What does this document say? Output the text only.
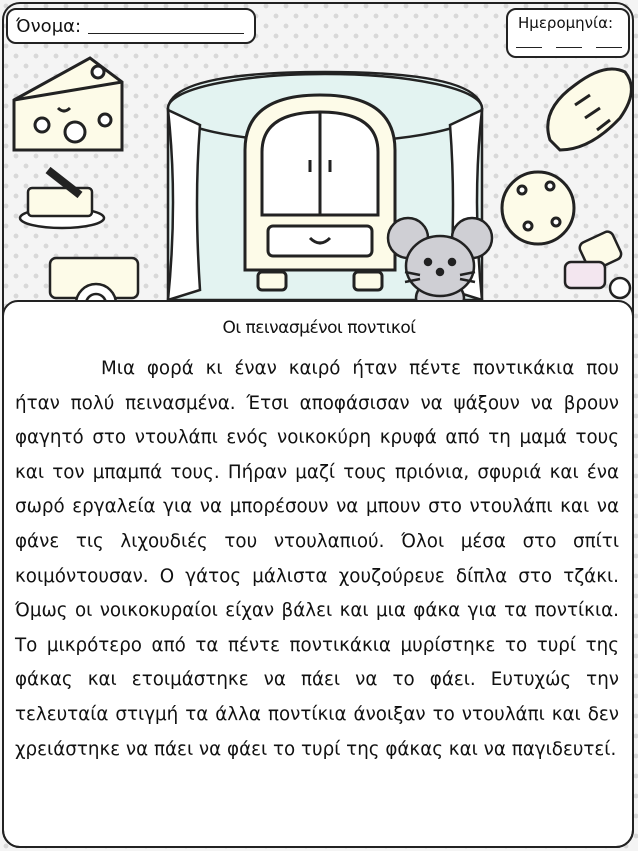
Όνομα:	Ημερομηνία:
Οι πεινασμένοι ποντικοί

Μια φορά κι έναν καιρό ήταν πέντε ποντικάκια που ήταν πολύ πεινασμένα. Έτσι αποφάσισαν να ψάξουν να βρουν φαγητό στο ντουλάπι ενός νοικοκύρη κρυφά από τη μαμά τους και τον μπαμπά τους. Πήραν μαζί τους πριόνια, σφυριά και ένα σωρό εργαλεία για να μπορέσουν να μπουν στο ντουλάπι και να φάνε τις λιχουδιές του ντουλαπιού. Όλοι μέσα στο σπίτι κοιμόντουσαν. Ο γάτος μάλιστα χουζούρευε δίπλα στο τζάκι. Όμως οι νοικοκυραίοι είχαν βάλει και μια φάκα για τα ποντίκια. Το μικρότερο από τα πέντε ποντικάκια μυρίστηκε το τυρί της φάκας και ετοιμάστηκε να πάει να το φάει. Ευτυχώς την τελευταία στιγμή τα άλλα ποντίκια άνοιξαν το ντουλάπι και δεν χρειάστηκε να πάει να φάει το τυρί της φάκας και να παγιδευτεί.
